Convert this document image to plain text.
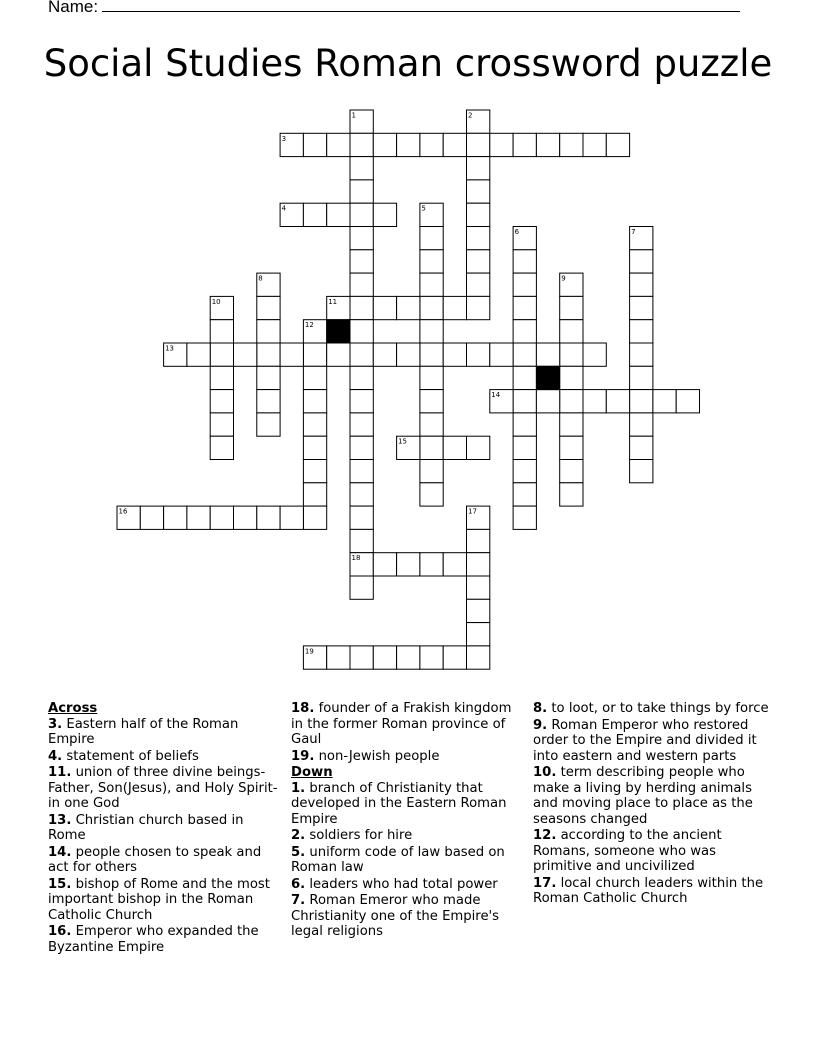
Name:
Social Studies Roman crossword puzzle
1	2
3
4	5
6	7
8	9
10	11
12
13
14
15
16	17
18
19
Across
3. Eastern half of the Roman Empire
4. statement of beliefs
11. union of three divine beings-Father, Son(Jesus), and Holy Spirit- in one God
13. Christian church based in Rome
14. people chosen to speak and act for others
15. bishop of Rome and the most important bishop in the Roman Catholic Church
16. Emperor who expanded the Byzantine Empire
18. founder of a Frakish kingdom in the former Roman province of Gaul
19. non-Jewish people
Down
1. branch of Christianity that developed in the Eastern Roman Empire
2. soldiers for hire
5. uniform code of law based on Roman law
6. leaders who had total power
7. Roman Emeror who made Christianity one of the Empire's legal religions
8. to loot, or to take things by force
9. Roman Emperor who restored order to the Empire and divided it into eastern and western parts
10. term describing people who make a living by herding animals and moving place to place as the seasons changed
12. according to the ancient Romans, someone who was primitive and uncivilized
17. local church leaders within the Roman Catholic Church
